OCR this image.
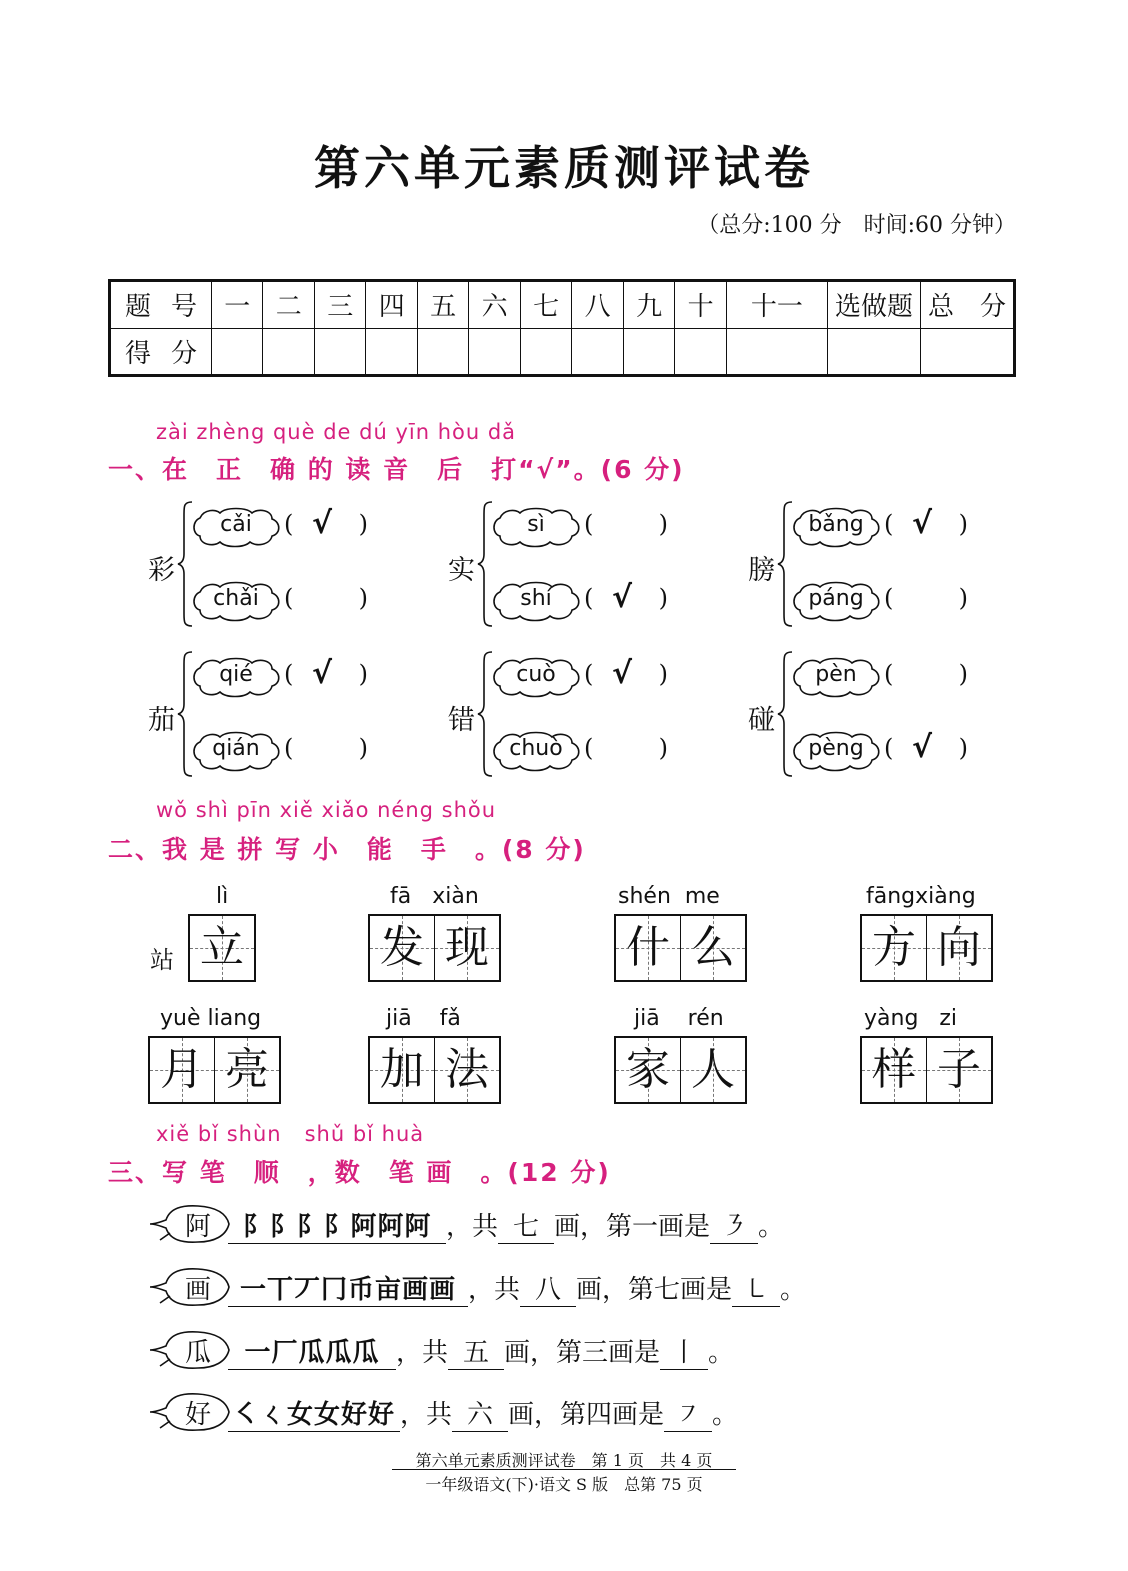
第六单元素质测评试卷
（总分:100 分　时间:60 分钟）
题号	一	二	三	四	五	六	七	八	九	十	十一	选做题	总　分
得分													
zài zhèng què de dú yīn hòu dǎ
一、在　正　确 的 读 音　后　打“√”。(6 分)
彩
cǎi	(	)
√
chǎi	(	)
实
sì	(	)
shí	(	)
√
膀
bǎng (	)
√
páng (	)
茄
qié	(	)
√
qián	(	)
错
cuò	(	)
√
chuò (	)
碰
pèn	(	)
pèng (	)
√
wǒ shì pīn xiě xiǎo néng shǒu
二、我 是 拼 写 小　能　手　。(8 分)
站
lì
立
fā   xiàn
发 现
shén  me
什 么
fāngxiàng
方 向
yuè liang
月 亮
jiā    fǎ
加 法
jiā    rén
家 人
yàng   zi
样 子
xiě bǐ shùn   shǔ bǐ huà
三、写 笔　顺　，数　笔 画　。(12 分)
阿	阝阝阝阝阿阿阿 ，共 七 画，第一画是 ㇋ 。
画	一丅丆冂币亩画画 ，共 八 画，第七画是 ㇄ 。
瓜	一厂瓜瓜瓜 ，共 五 画，第三画是 丨 。
好 ㇛ㄑ女女好好 ，共 六 画，第四画是 ㇇ 。
第六单元素质测评试卷　第 1 页　共 4 页
一年级语文(下)·语文 S 版　总第 75 页
